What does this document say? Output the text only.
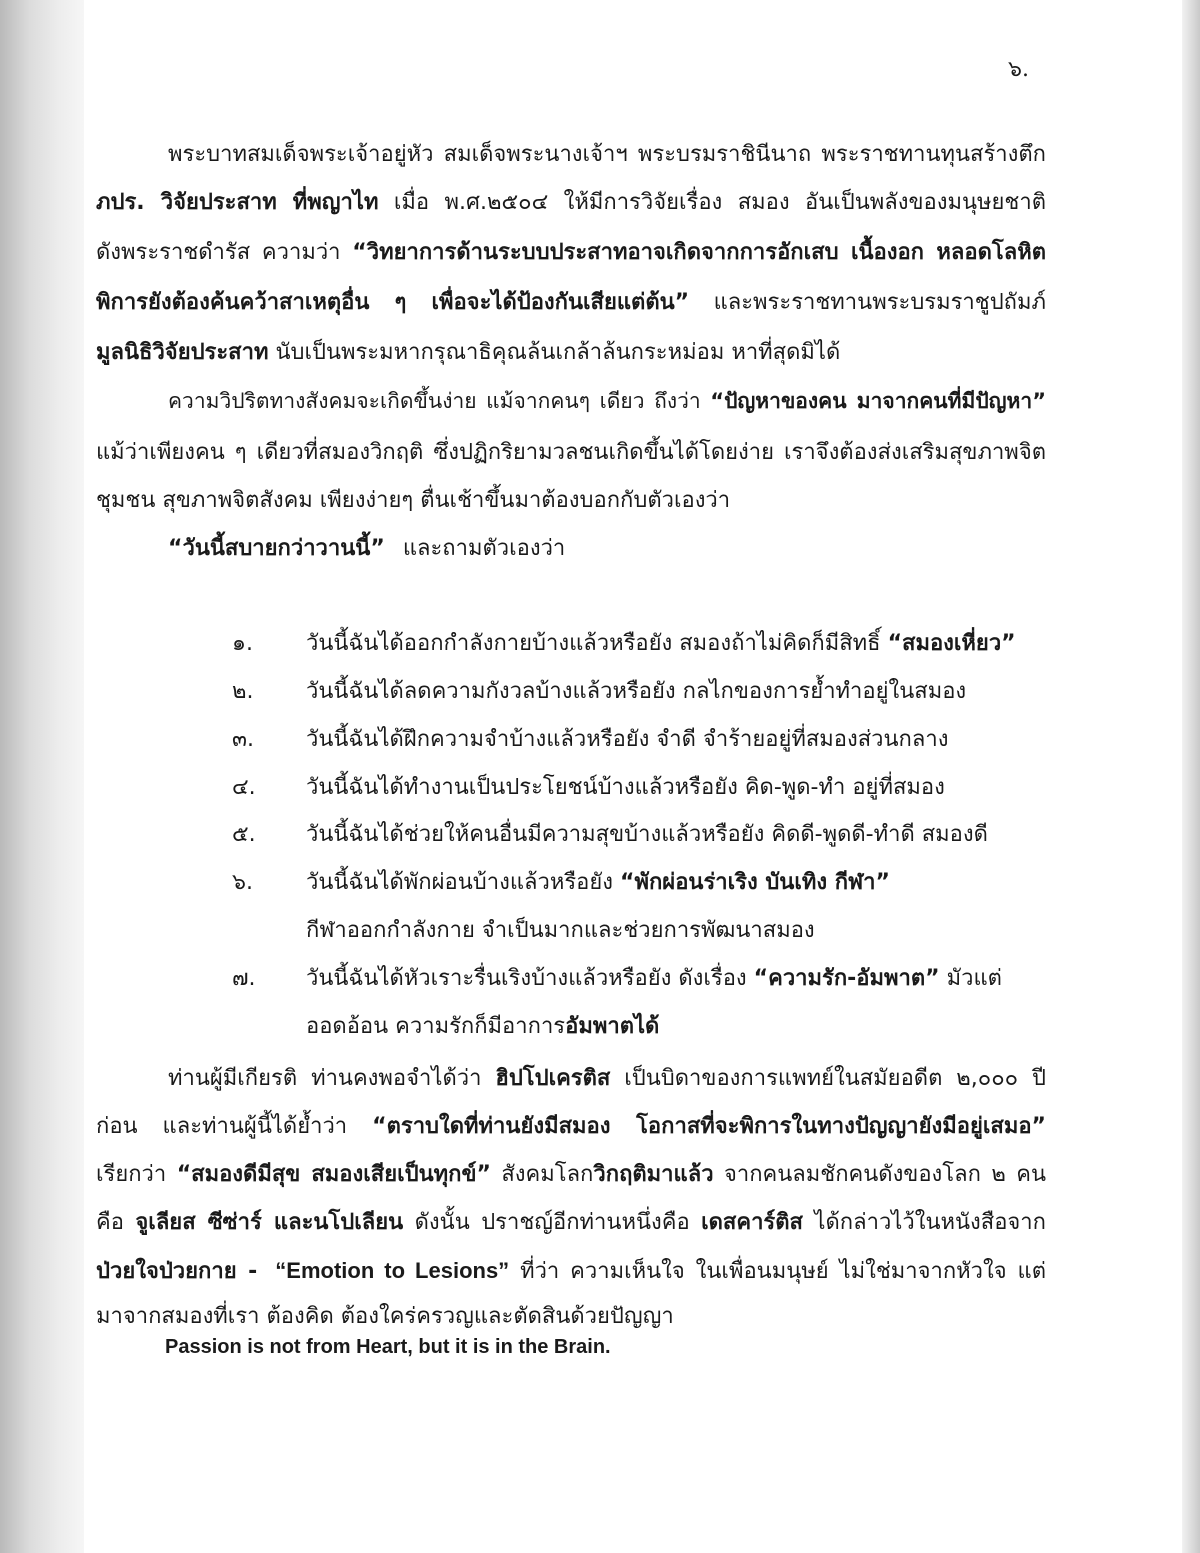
๖.
พระบาทสมเด็จพระเจ้าอยู่หัว สมเด็จพระนางเจ้าฯ พระบรมราชินีนาถ พระราชทานทุนสร้างตึก
ภปร. วิจัยประสาท ที่พญาไท เมื่อ พ.ศ.๒๕๐๔ ให้มีการวิจัยเรื่อง สมอง อันเป็นพลังของมนุษยชาติ
ดังพระราชดำรัส ความว่า “วิทยาการด้านระบบประสาทอาจเกิดจากการอักเสบ เนื้องอก หลอดโลหิต
พิการยังต้องค้นคว้าสาเหตุอื่น ๆ เพื่อจะได้ป้องกันเสียแต่ต้น” และพระราชทานพระบรมราชูปถัมภ์
มูลนิธิวิจัยประสาท นับเป็นพระมหากรุณาธิคุณล้นเกล้าล้นกระหม่อม หาที่สุดมิได้
ความวิปริตทางสังคมจะเกิดขึ้นง่าย แม้จากคนๆ เดียว ถึงว่า “ปัญหาของคน มาจากคนที่มีปัญหา”
แม้ว่าเพียงคน ๆ เดียวที่สมองวิกฤติ ซึ่งปฏิกริยามวลชนเกิดขึ้นได้โดยง่าย เราจึงต้องส่งเสริมสุขภาพจิต
ชุมชน สุขภาพจิตสังคม เพียงง่ายๆ ตื่นเช้าขึ้นมาต้องบอกกับตัวเองว่า
“วันนี้สบายกว่าวานนี้” และถามตัวเองว่า
๑.	วันนี้ฉันได้ออกกำลังกายบ้างแล้วหรือยัง สมองถ้าไม่คิดก็มีสิทธิ์ “สมองเหี่ยว”
๒.	วันนี้ฉันได้ลดความกังวลบ้างแล้วหรือยัง กลไกของการย้ำทำอยู่ในสมอง
๓.	วันนี้ฉันได้ฝึกความจำบ้างแล้วหรือยัง จำดี จำร้ายอยู่ที่สมองส่วนกลาง
๔.	วันนี้ฉันได้ทำงานเป็นประโยชน์บ้างแล้วหรือยัง คิด-พูด-ทำ อยู่ที่สมอง
๕.	วันนี้ฉันได้ช่วยให้คนอื่นมีความสุขบ้างแล้วหรือยัง คิดดี-พูดดี-ทำดี สมองดี
๖.	วันนี้ฉันได้พักผ่อนบ้างแล้วหรือยัง “พักผ่อนร่าเริง บันเทิง กีฬา”
กีฬาออกกำลังกาย จำเป็นมากและช่วยการพัฒนาสมอง
๗.	วันนี้ฉันได้หัวเราะรื่นเริงบ้างแล้วหรือยัง ดังเรื่อง “ความรัก-อัมพาต” มัวแต่
ออดอ้อน ความรักก็มีอาการอัมพาตได้
ท่านผู้มีเกียรติ ท่านคงพอจำได้ว่า ฮิปโปเครติส เป็นบิดาของการแพทย์ในสมัยอดีต ๒,๐๐๐ ปี
ก่อน และท่านผู้นี้ได้ย้ำว่า “ตราบใดที่ท่านยังมีสมอง โอกาสที่จะพิการในทางปัญญายังมีอยู่เสมอ”
เรียกว่า “สมองดีมีสุข สมองเสียเป็นทุกข์” สังคมโลกวิกฤติมาแล้ว จากคนลมชักคนดังของโลก ๒ คน
คือ จูเลียส ซีซ่าร์ และนโปเลียน ดังนั้น ปราชญ์อีกท่านหนึ่งคือ เดสคาร์ติส ได้กล่าวไว้ในหนังสือจาก
ป่วยใจป่วยกาย - “Emotion to Lesions” ที่ว่า ความเห็นใจ ในเพื่อนมนุษย์ ไม่ใช่มาจากหัวใจ แต่
มาจากสมองที่เรา ต้องคิด ต้องใคร่ครวญและตัดสินด้วยปัญญา
Passion is not from Heart, but it is in the Brain.
